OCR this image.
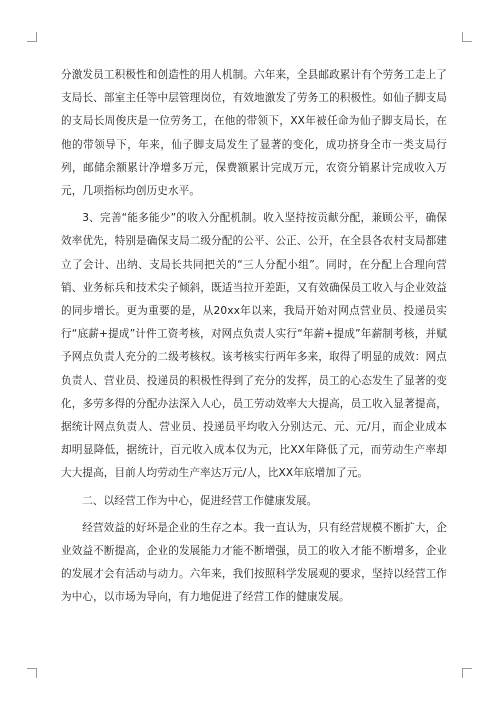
分激发员工积极性和创造性的用人机制。六年来，全县邮政累计有个劳务工走上了支局长、部室主任等中层管理岗位，有效地激发了劳务工的积极性。如仙子脚支局的支局长周俊庆是一位劳务工，在他的带领下，XX年被任命为仙子脚支局长，在他的带领导下，年来，仙子脚支局发生了显著的变化，成功挤身全市一类支局行列，邮储余额累计净增多万元，保费额累计完成万元，农资分销累计完成收入万元，几项指标均创历史水平。

3、完善“能多能少”的收入分配机制。收入坚持按贡献分配，兼顾公平，确保效率优先，特别是确保支局二级分配的公平、公正、公开，在全县各农村支局都建立了会计、出纳、支局长共同把关的“三人分配小组”。同时，在分配上合理向营销、业务标兵和技术尖子倾斜，既适当拉开差距，又有效确保员工收入与企业效益的同步增长。更为重要的是，从20xx年以来，我局开始对网点营业员、投递员实行“底薪+提成”计件工资考核，对网点负责人实行“年薪+提成”年薪制考核，并赋予网点负责人充分的二级考核权。该考核实行两年多来，取得了明显的成效：网点负责人、营业员、投递员的积极性得到了充分的发挥，员工的心态发生了显著的变化，多劳多得的分配办法深入人心，员工劳动效率大大提高，员工收入显著提高，据统计网点负责人、营业员、投递员平均收入分别达元、元、元/月，而企业成本却明显降低，据统计，百元收入成本仅为元，比XX年降低了元，而劳动生产率却大大提高，目前人均劳动生产率达万元/人，比XX年底增加了元。

二、以经营工作为中心，促进经营工作健康发展。

经营效益的好坏是企业的生存之本。我一直认为，只有经营规模不断扩大，企业效益不断提高，企业的发展能力才能不断增强，员工的收入才能不断增多，企业的发展才会有活动与动力。六年来，我们按照科学发展观的要求，坚持以经营工作为中心，以市场为导向，有力地促进了经营工作的健康发展。
